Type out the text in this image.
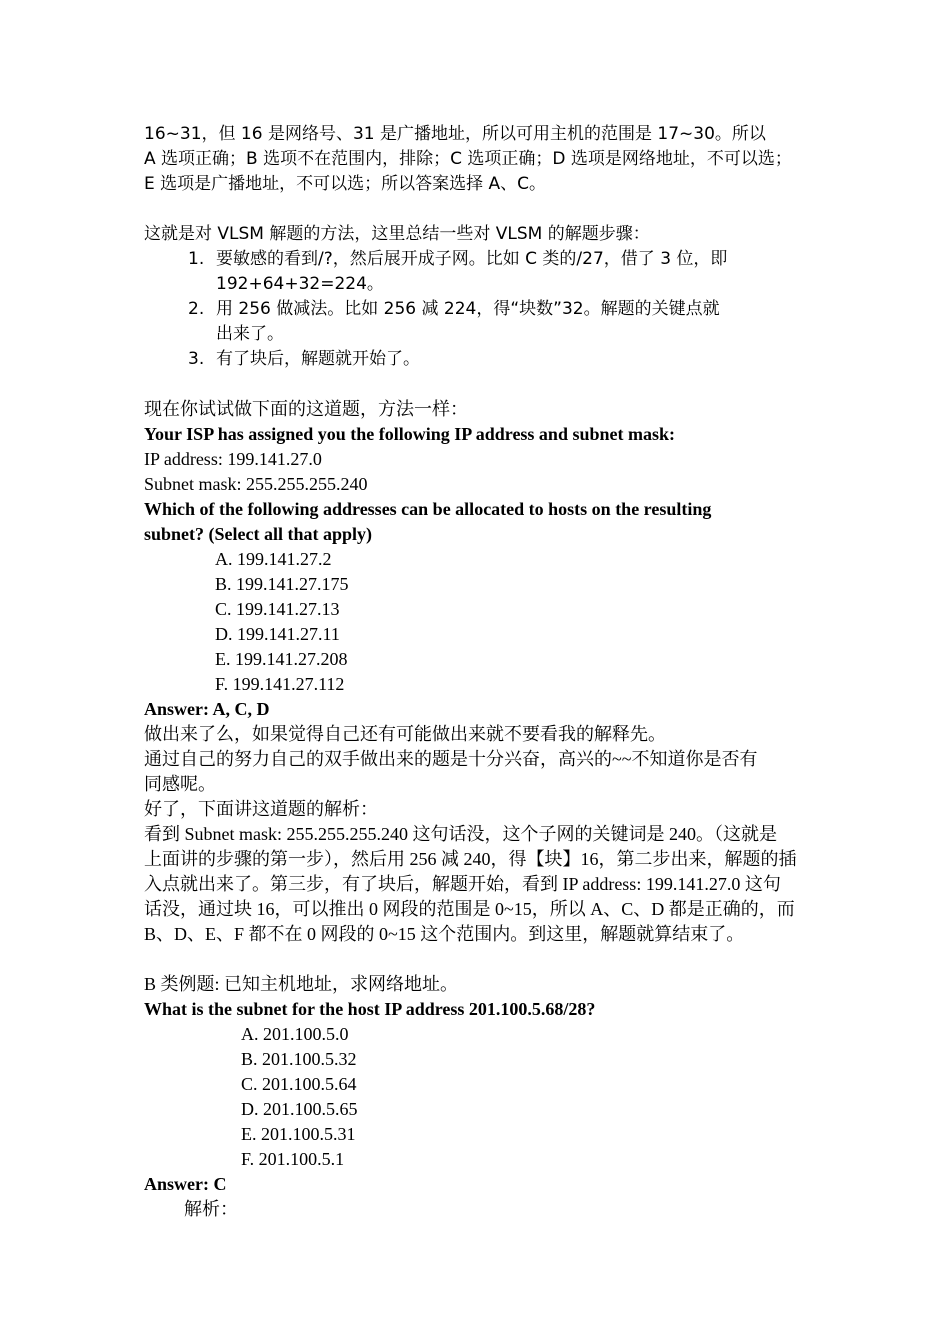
16~31，但 16 是网络号、31 是广播地址，所以可用主机的范围是 17~30。所以
A 选项正确；B 选项不在范围内，排除；C 选项正确；D 选项是网络地址，不可以选；
E 选项是广播地址，不可以选；所以答案选择 A、C。
这就是对 VLSM 解题的方法，这里总结一些对 VLSM 的解题步骤：
1. 要敏感的看到/?，然后展开成子网。比如 C 类的/27，借了 3 位，即
192+64+32=224。
2. 用 256 做减法。比如 256 减 224，得“块数”32。解题的关键点就
出来了。
3. 有了块后，解题就开始了。
现在你试试做下面的这道题，方法一样：
Your ISP has assigned you the following IP address and subnet mask:
IP address: 199.141.27.0
Subnet mask: 255.255.255.240
Which of the following addresses can be allocated to hosts on the resulting
subnet? (Select all that apply)
A. 199.141.27.2
B. 199.141.27.175
C. 199.141.27.13
D. 199.141.27.11
E. 199.141.27.208
F. 199.141.27.112
Answer: A, C, D
做出来了么，如果觉得自己还有可能做出来就不要看我的解释先。
通过自己的努力自己的双手做出来的题是十分兴奋，高兴的~~不知道你是否有
同感呢。
好了，下面讲这道题的解析：
看到 Subnet mask: 255.255.255.240 这句话没，这个子网的关键词是 240。（这就是
上面讲的步骤的第一步），然后用 256 减 240，得【块】16，第二步出来，解题的插
入点就出来了。第三步，有了块后，解题开始，看到 IP address: 199.141.27.0 这句
话没，通过块 16，可以推出 0 网段的范围是 0~15，所以 A、C、D 都是正确的，而
B、D、E、F 都不在 0 网段的 0~15 这个范围内。到这里，解题就算结束了。
B 类例题: 已知主机地址，求网络地址。
What is the subnet for the host IP address 201.100.5.68/28?
A. 201.100.5.0
B. 201.100.5.32
C. 201.100.5.64
D. 201.100.5.65
E. 201.100.5.31
F. 201.100.5.1
Answer: C
解析：
